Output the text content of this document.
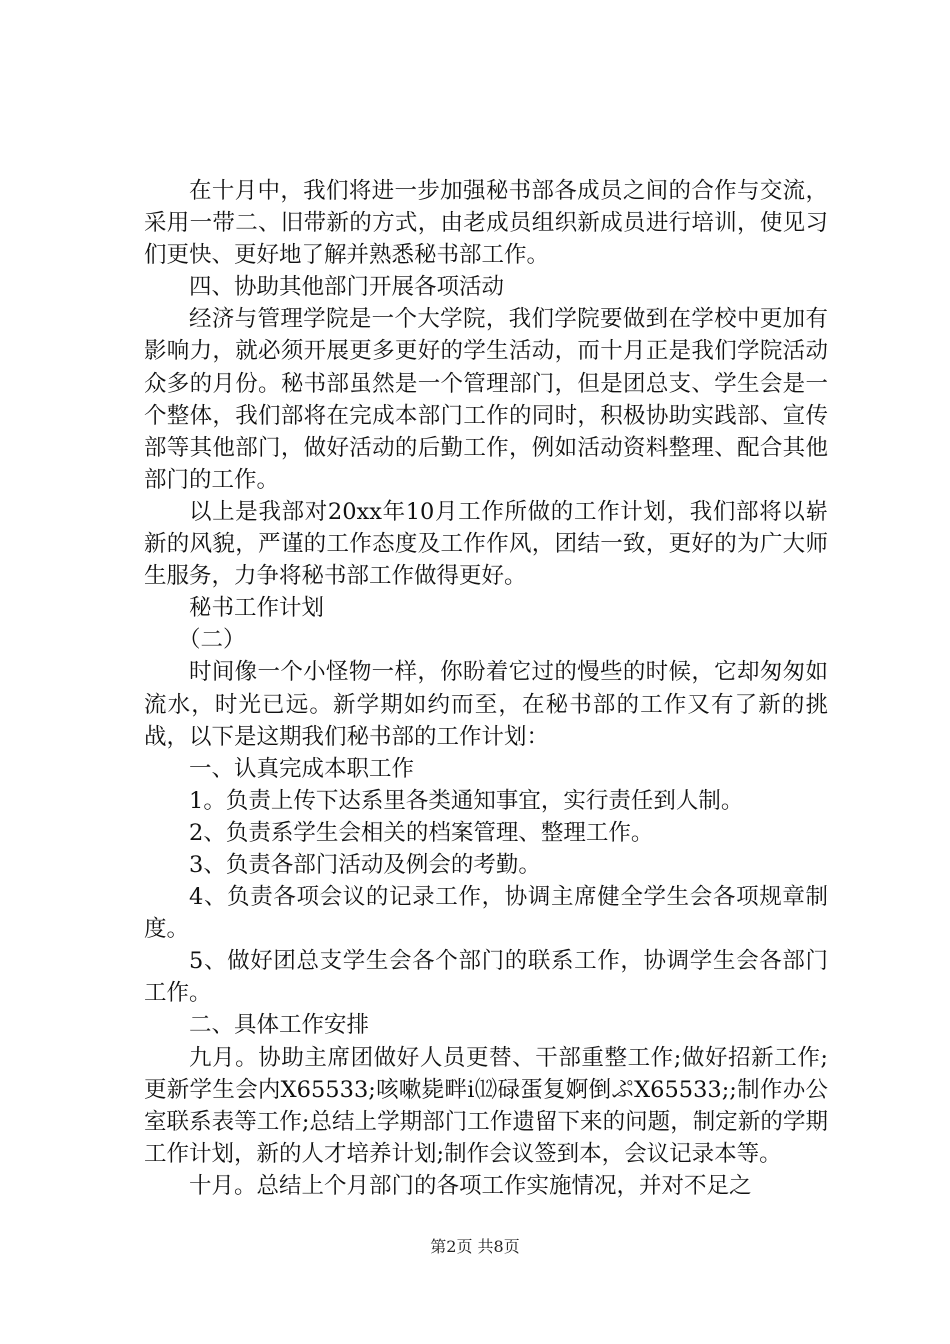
在十月中，我们将进一步加强秘书部各成员之间的合作与交流，采用一带二、旧带新的方式，由老成员组织新成员进行培训，使见习们更快、更好地了解并熟悉秘书部工作。

四、协助其他部门开展各项活动

经济与管理学院是一个大学院，我们学院要做到在学校中更加有影响力，就必须开展更多更好的学生活动，而十月正是我们学院活动众多的月份。秘书部虽然是一个管理部门，但是团总支、学生会是一个整体，我们部将在完成本部门工作的同时，积极协助实践部、宣传部等其他部门，做好活动的后勤工作，例如活动资料整理、配合其他部门的工作。

以上是我部对20xx年10月工作所做的工作计划，我们部将以崭新的风貌，严谨的工作态度及工作作风，团结一致，更好的为广大师生服务，力争将秘书部工作做得更好。

秘书工作计划

（二）

时间像一个小怪物一样，你盼着它过的慢些的时候，它却匆匆如流水，时光已远。新学期如约而至，在秘书部的工作又有了新的挑战，以下是这期我们秘书部的工作计划：

一、认真完成本职工作

1。负责上传下达系里各类通知事宜，实行责任到人制。

2、负责系学生会相关的档案管理、整理工作。

3、负责各部门活动及例会的考勤。

4、负责各项会议的记录工作，协调主席健全学生会各项规章制度。

5、做好团总支学生会各个部门的联系工作，协调学生会各部门工作。

二、具体工作安排

九月。协助主席团做好人员更替、干部重整工作;做好招新工作;更新学生会内X65533;咳嗽毙畔ⅰ⑿碌蛋复婀倒ぷX65533;;制作办公室联系表等工作;总结上学期部门工作遗留下来的问题，制定新的学期工作计划，新的人才培养计划;制作会议签到本，会议记录本等。

十月。总结上个月部门的各项工作实施情况，并对不足之

第2页 共8页
